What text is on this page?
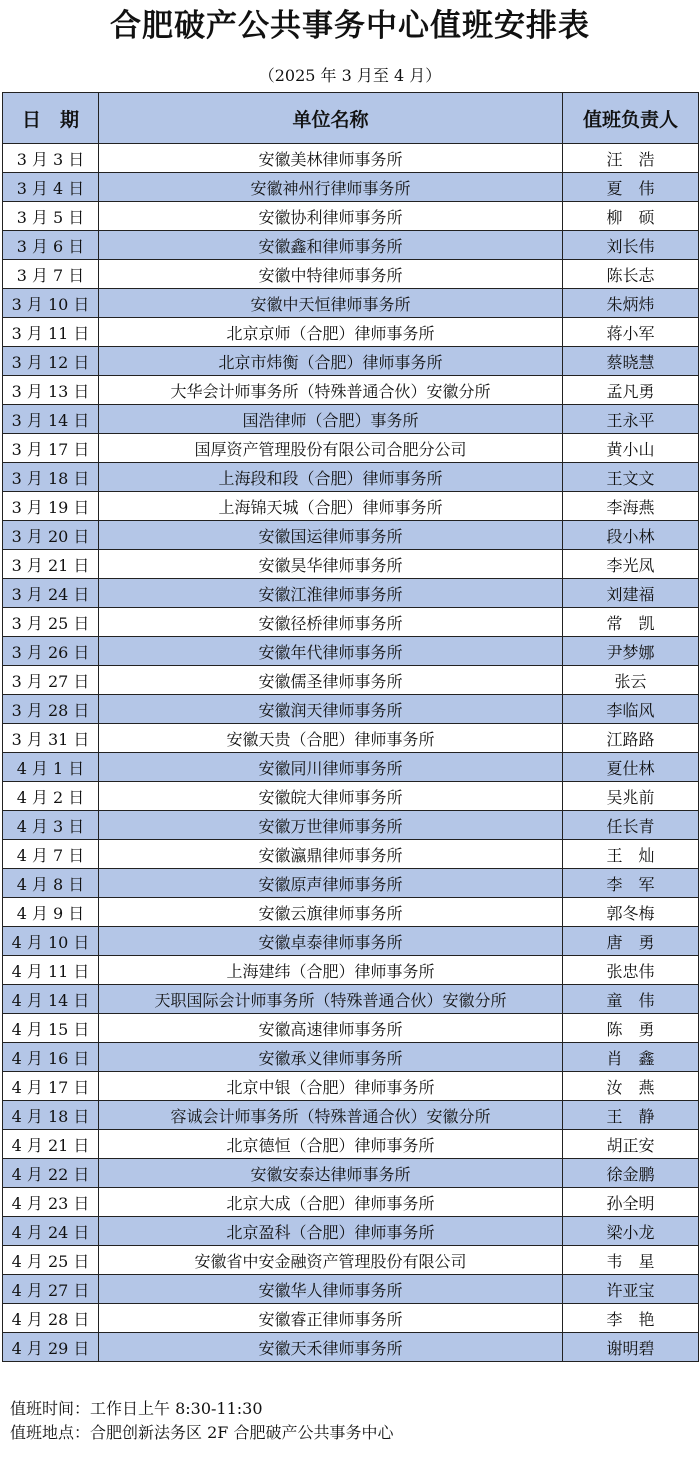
合肥破产公共事务中心值班安排表
（2025 年 3 月至 4 月）
日　期	单位名称	值班负责人
3 月 3 日	安徽美林律师事务所	汪　浩
3 月 4 日	安徽神州行律师事务所	夏　伟
3 月 5 日	安徽协利律师事务所	柳　硕
3 月 6 日	安徽鑫和律师事务所	刘长伟
3 月 7 日	安徽中特律师事务所	陈长志
3 月 10 日	安徽中天恒律师事务所	朱炳炜
3 月 11 日	北京京师（合肥）律师事务所	蒋小军
3 月 12 日	北京市炜衡（合肥）律师事务所	蔡晓慧
3 月 13 日	大华会计师事务所（特殊普通合伙）安徽分所	孟凡勇
3 月 14 日	国浩律师（合肥）事务所	王永平
3 月 17 日	国厚资产管理股份有限公司合肥分公司	黄小山
3 月 18 日	上海段和段（合肥）律师事务所	王文文
3 月 19 日	上海锦天城（合肥）律师事务所	李海燕
3 月 20 日	安徽国运律师事务所	段小林
3 月 21 日	安徽昊华律师事务所	李光凤
3 月 24 日	安徽江淮律师事务所	刘建福
3 月 25 日	安徽径桥律师事务所	常　凯
3 月 26 日	安徽年代律师事务所	尹梦娜
3 月 27 日	安徽儒圣律师事务所	张云
3 月 28 日	安徽润天律师事务所	李临风
3 月 31 日	安徽天贵（合肥）律师事务所	江路路
4 月 1 日	安徽同川律师事务所	夏仕林
4 月 2 日	安徽皖大律师事务所	吴兆前
4 月 3 日	安徽万世律师事务所	任长青
4 月 7 日	安徽瀛鼎律师事务所	王　灿
4 月 8 日	安徽原声律师事务所	李　军
4 月 9 日	安徽云旗律师事务所	郭冬梅
4 月 10 日	安徽卓泰律师事务所	唐　勇
4 月 11 日	上海建纬（合肥）律师事务所	张忠伟
4 月 14 日	天职国际会计师事务所（特殊普通合伙）安徽分所	童　伟
4 月 15 日	安徽高速律师事务所	陈　勇
4 月 16 日	安徽承义律师事务所	肖　鑫
4 月 17 日	北京中银（合肥）律师事务所	汝　燕
4 月 18 日	容诚会计师事务所（特殊普通合伙）安徽分所	王　静
4 月 21 日	北京德恒（合肥）律师事务所	胡正安
4 月 22 日	安徽安泰达律师事务所	徐金鹏
4 月 23 日	北京大成（合肥）律师事务所	孙全明
4 月 24 日	北京盈科（合肥）律师事务所	梁小龙
4 月 25 日	安徽省中安金融资产管理股份有限公司	韦　星
4 月 27 日	安徽华人律师事务所	许亚宝
4 月 28 日	安徽睿正律师事务所	李　艳
4 月 29 日	安徽天禾律师事务所	谢明碧
值班时间：工作日上午 8:30-11:30
值班地点：合肥创新法务区 2F 合肥破产公共事务中心
